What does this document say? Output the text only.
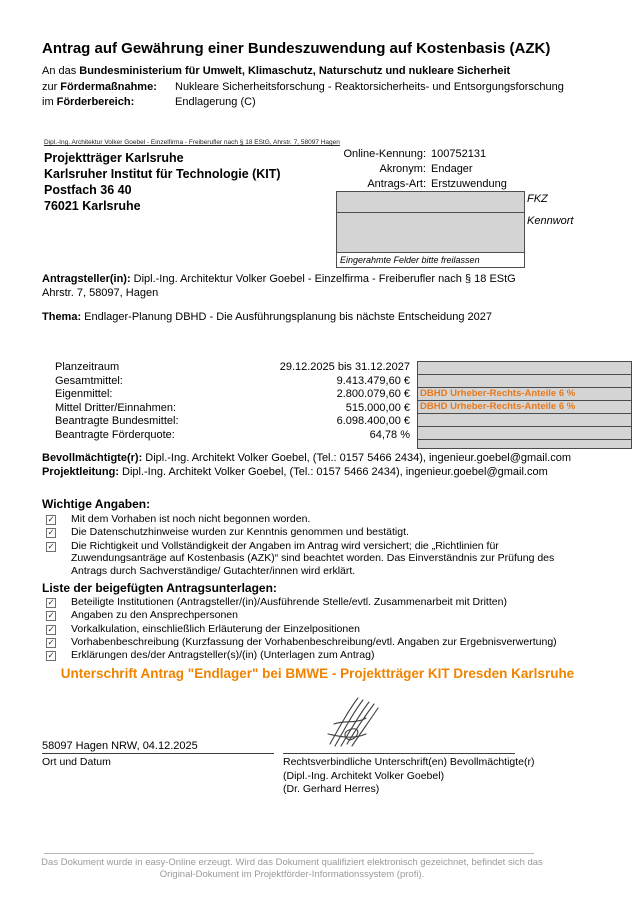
Antrag auf Gewährung einer Bundeszuwendung auf Kostenbasis (AZK)
An das Bundesministerium für Umwelt, Klimaschutz, Naturschutz und nukleare Sicherheit
zur Fördermaßnahme: Nukleare Sicherheitsforschung - Reaktorsicherheits- und Entsorgungsforschung
im Förderbereich:	Endlagerung (C)
Dipl.-Ing. Architektur Volker Goebel - Einzelfirma - Freiberufler nach § 18 EStG, Ahrstr. 7, 58097 Hagen
Projektträger Karlsruhe
Karlsruher Institut für Technologie (KIT)
Postfach 36 40
76021 Karlsruhe
Online-Kennung: 100752131
Akronym: Endager
Antrags-Art: Erstzuwendung
Eingerahmte Felder bitte freilassen
FKZ
Kennwort
Antragsteller(in): Dipl.-Ing. Architektur Volker Goebel - Einzelfirma - Freiberufler nach § 18 EStG
Ahrstr. 7, 58097, Hagen
Thema: Endlager-Planung DBHD - Die Ausführungsplanung bis nächste Entscheidung 2027
Planzeitraum	29.12.2025 bis 31.12.2027
Gesamtmittel:	9.413.479,60 €
Eigenmittel:	2.800.079,60 €
Mittel Dritter/Einnahmen:	515.000,00 €
Beantragte Bundesmittel:	6.098.400,00 €
Beantragte Förderquote:	64,78 %
DBHD Urheber-Rechts-Anteile 6 %
DBHD Urheber-Rechts-Anteile 6 %
Bevollmächtigte(r): Dipl.-Ing. Architekt Volker Goebel, (Tel.: 0157 5466 2434), ingenieur.goebel@gmail.com
Projektleitung: Dipl.-Ing. Architekt Volker Goebel, (Tel.: 0157 5466 2434), ingenieur.goebel@gmail.com
Wichtige Angaben:
✓ Mit dem Vorhaben ist noch nicht begonnen worden.
✓ Die Datenschutzhinweise wurden zur Kenntnis genommen und bestätigt.
✓ Die Richtigkeit und Vollständigkeit der Angaben im Antrag wird versichert; die „Richtlinien für Zuwendungsanträge auf Kostenbasis (AZK)“ sind beachtet worden. Das Einverständnis zur Prüfung des Antrags durch Sachverständige/ Gutachter/innen wird erklärt.
Liste der beigefügten Antragsunterlagen:
✓ Beteiligte Institutionen (Antragsteller/(in)/Ausführende Stelle/evtl. Zusammenarbeit mit Dritten)
✓ Angaben zu den Ansprechpersonen
✓ Vorkalkulation, einschließlich Erläuterung der Einzelpositionen
✓ Vorhabenbeschreibung (Kurzfassung der Vorhabenbeschreibung/evtl. Angaben zur Ergebnisverwertung)
✓ Erklärungen des/der Antragsteller(s)/(in) (Unterlagen zum Antrag)
Unterschrift Antrag "Endlager" bei BMWE - Projektträger KIT Dresden Karlsruhe
58097 Hagen NRW, 04.12.2025
Ort und Datum	Rechtsverbindliche Unterschrift(en) Bevollmächtigte(r)
(Dipl.-Ing. Architekt Volker Goebel)
(Dr. Gerhard Herres)
Das Dokument wurde in easy-Online erzeugt. Wird das Dokument qualifiziert elektronisch gezeichnet, befindet sich das
Original-Dokument im Projektförder-Informationssystem (profi).
